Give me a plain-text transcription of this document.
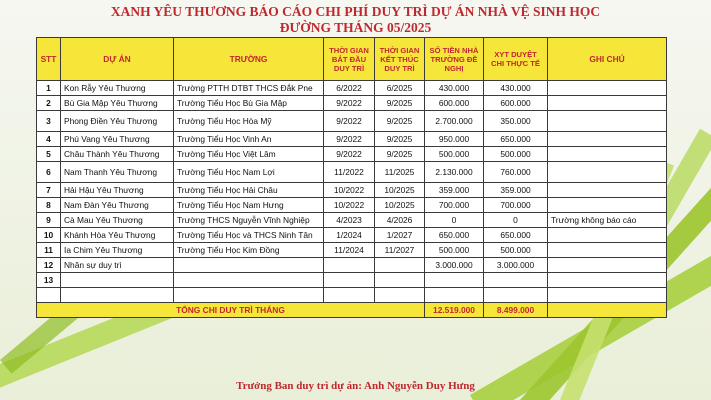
XANH YÊU THƯƠNG BÁO CÁO CHI PHÍ DUY TRÌ DỰ ÁN NHÀ VỆ SINH HỌC
ĐƯỜNG THÁNG 05/2025
STT	DỰ ÁN	TRƯỜNG	THỜI GIAN BẮT ĐẦU DUY TRÌ	THỜI GIAN KẾT THÚC DUY TRÌ	SỐ TIỀN NHÀ TRƯỜNG ĐỀ NGHỊ	XYT DUYỆT CHI THỰC TẾ	GHI CHÚ
1	Kon Rẫy Yêu Thương	Trường PTTH DTBT THCS Đắk Pne	6/2022	6/2025	430.000	430.000	
2	Bù Gia Mập Yêu Thương	Trường Tiểu Học Bù Gia Mập	9/2022	9/2025	600.000	600.000	
3	Phong Điền Yêu Thương	Trường Tiểu Học Hòa Mỹ	9/2022	9/2025	2.700.000	350.000	
4	Phú Vang Yêu Thương	Trường Tiểu Học Vinh An	9/2022	9/2025	950.000	650.000	
5	Châu Thành Yêu Thương	Trường Tiểu Học Việt Lâm	9/2022	9/2025	500.000	500.000	
6	Nam Thanh Yêu Thương	Trường Tiểu Học Nam Lợi	11/2022	11/2025	2.130.000	760.000	
7	Hải Hậu Yêu Thương	Trường Tiểu Học Hải Châu	10/2022	10/2025	359.000	359.000	
8	Nam Đàn Yêu Thương	Trường Tiểu Học Nam Hưng	10/2022	10/2025	700.000	700.000	
9	Cà Mau Yêu Thương	Trường THCS Nguyễn Vĩnh Nghiệp	4/2023	4/2026	0	0	Trường không báo cáo
10	Khánh Hòa Yêu Thương	Trường Tiểu Học và THCS Ninh Tân	1/2024	1/2027	650.000	650.000	
11	Ia Chim Yêu Thương	Trường Tiểu Học Kim Đồng	11/2024	11/2027	500.000	500.000	
12	Nhân sự duy trì				3.000.000	3.000.000	
13							

TỔNG CHI DUY TRÌ THÁNG					12.519.000	8.499.000	
Trưởng Ban duy trì dự án: Anh Nguyễn Duy Hưng
